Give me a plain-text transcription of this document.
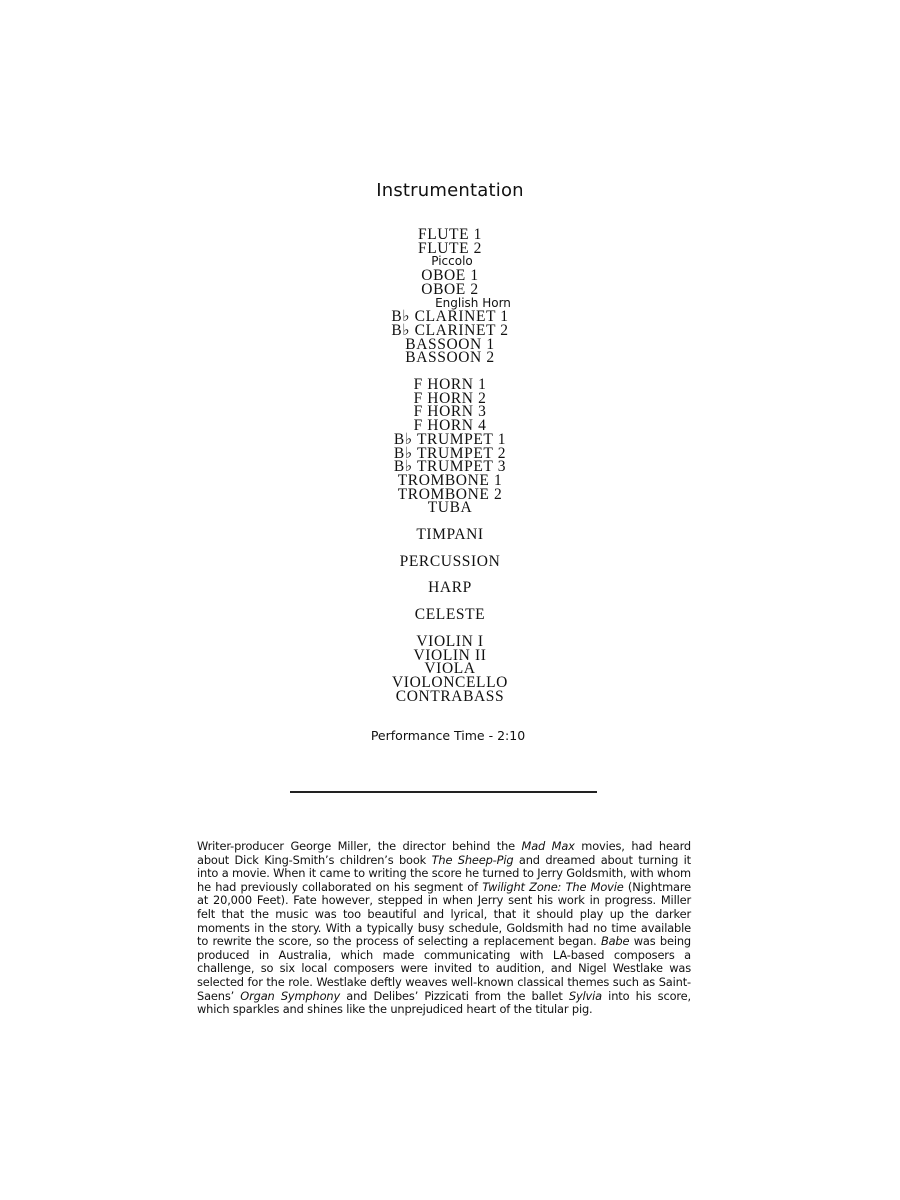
Instrumentation
FLUTE 1
FLUTE 2
Piccolo
OBOE 1
OBOE 2
English Horn
B♭ CLARINET 1
B♭ CLARINET 2
BASSOON 1
BASSOON 2
F HORN 1
F HORN 2
F HORN 3
F HORN 4
B♭ TRUMPET 1
B♭ TRUMPET 2
B♭ TRUMPET 3
TROMBONE 1
TROMBONE 2
TUBA
TIMPANI
PERCUSSION
HARP
CELESTE
VIOLIN I
VIOLIN II
VIOLA
VIOLONCELLO
CONTRABASS
Performance Time - 2:10
Writer-producer George Miller, the director behind the Mad Max movies, had heard about Dick King-Smith’s children’s book The Sheep-Pig and dreamed about turning it into a movie. When it came to writing the score he turned to Jerry Goldsmith, with whom he had previously collaborated on his segment of Twilight Zone: The Movie (Nightmare at 20,000 Feet). Fate however, stepped in when Jerry sent his work in progress. Miller felt that the music was too beautiful and lyrical, that it should play up the darker moments in the story. With a typically busy schedule, Goldsmith had no time available to rewrite the score, so the process of selecting a replacement began. Babe was being produced in Australia, which made communicating with LA-based composers a challenge, so six local composers were invited to audition, and Nigel Westlake was selected for the role. Westlake deftly weaves well-known classical themes such as Saint-Saens’ Organ Symphony and Delibes’ Pizzicati from the ballet Sylvia into his score, which sparkles and shines like the unprejudiced heart of the titular pig.
